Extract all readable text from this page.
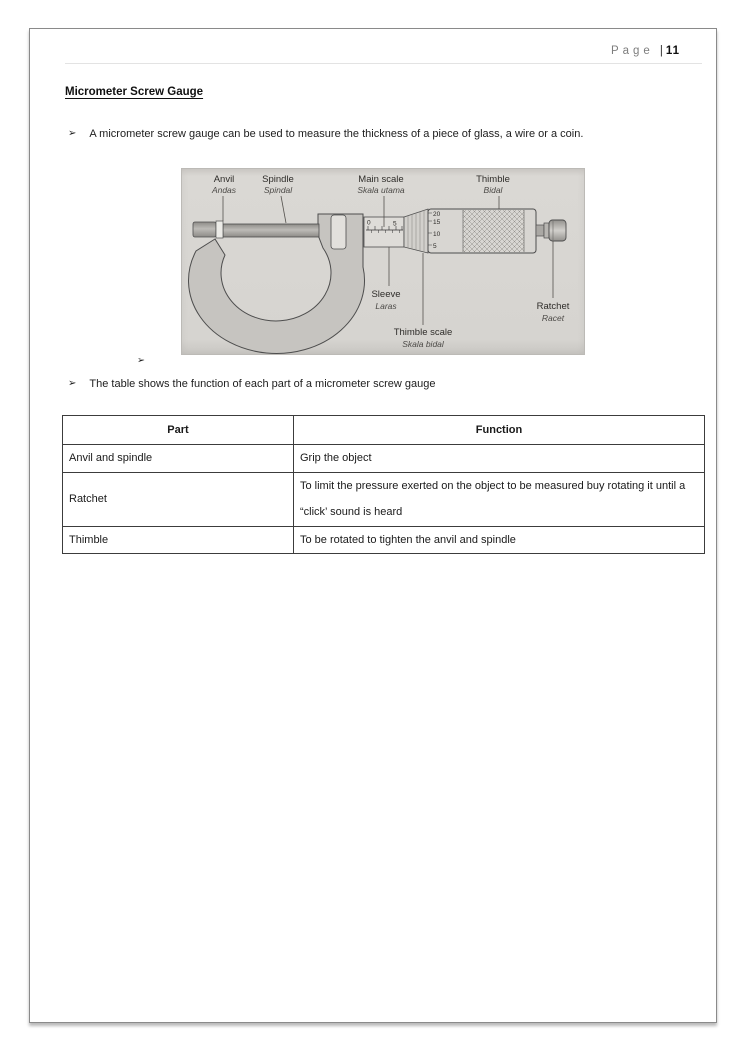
Page | 11
Micrometer Screw Gauge
➢ A micrometer screw gauge can be used to measure the thickness of a piece of glass, a wire or a coin.
0	5
20
15
10
5
Anvil
Andas
Spindle
Spindal
Main scale
Skala utama
Thimble
Bidal
Sleeve
Laras
Thimble scale
Skala bidal
Ratchet
Racet
➢
➢ The table shows the function of each part of a micrometer screw gauge
Part	Function
Anvil and spindle	Grip the object
Ratchet	To limit the pressure exerted on the object to be measured buy rotating it until a “click’ sound is heard
Thimble	To be rotated to tighten the anvil and spindle
